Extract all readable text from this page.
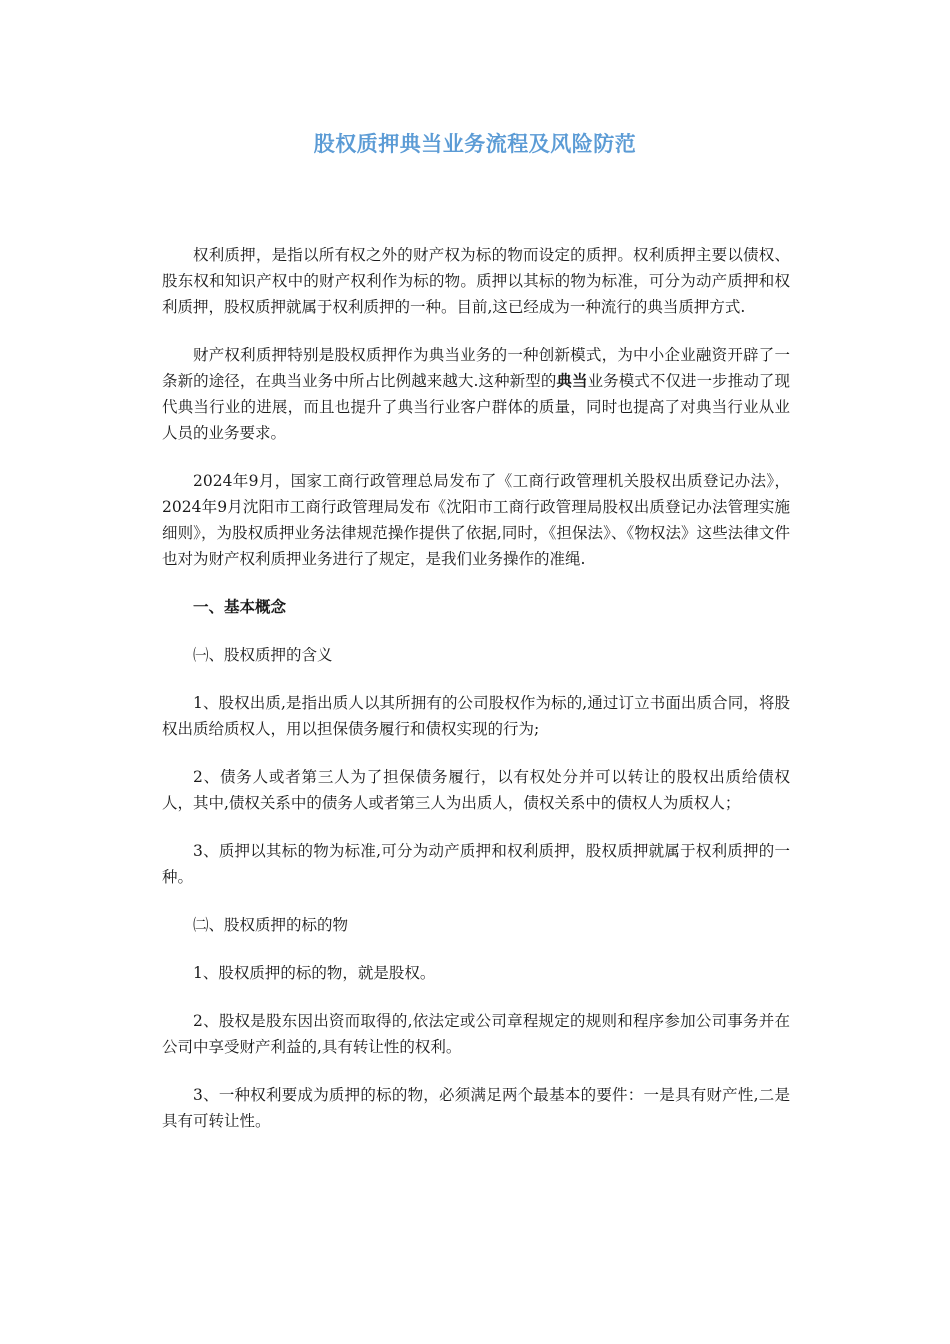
股权质押典当业务流程及风险防范

权利质押，是指以所有权之外的财产权为标的物而设定的质押。权利质押主要以债权、股东权和知识产权中的财产权利作为标的物。质押以其标的物为标准，可分为动产质押和权利质押，股权质押就属于权利质押的一种。目前,这已经成为一种流行的典当质押方式.

财产权利质押特别是股权质押作为典当业务的一种创新模式，为中小企业融资开辟了一条新的途径，在典当业务中所占比例越来越大.这种新型的典当业务模式不仅进一步推动了现代典当行业的进展，而且也提升了典当行业客户群体的质量，同时也提高了对典当行业从业人员的业务要求。

2024年9月，国家工商行政管理总局发布了《工商行政管理机关股权出质登记办法》，2024年9月沈阳市工商行政管理局发布《沈阳市工商行政管理局股权出质登记办法管理实施细则》，为股权质押业务法律规范操作提供了依据,同时，《担保法》、《物权法》这些法律文件也对为财产权利质押业务进行了规定，是我们业务操作的准绳.

一、基本概念

㈠、股权质押的含义

1、股权出质,是指出质人以其所拥有的公司股权作为标的,通过订立书面出质合同，将股权出质给质权人，用以担保债务履行和债权实现的行为;

2、债务人或者第三人为了担保债务履行，以有权处分并可以转让的股权出质给债权人，其中,债权关系中的债务人或者第三人为出质人，债权关系中的债权人为质权人；

3、质押以其标的物为标准,可分为动产质押和权利质押，股权质押就属于权利质押的一种。

㈡、股权质押的标的物

1、股权质押的标的物，就是股权。

2、股权是股东因出资而取得的,依法定或公司章程规定的规则和程序参加公司事务并在公司中享受财产利益的,具有转让性的权利。

3、一种权利要成为质押的标的物，必须满足两个最基本的要件：一是具有财产性,二是具有可转让性。
